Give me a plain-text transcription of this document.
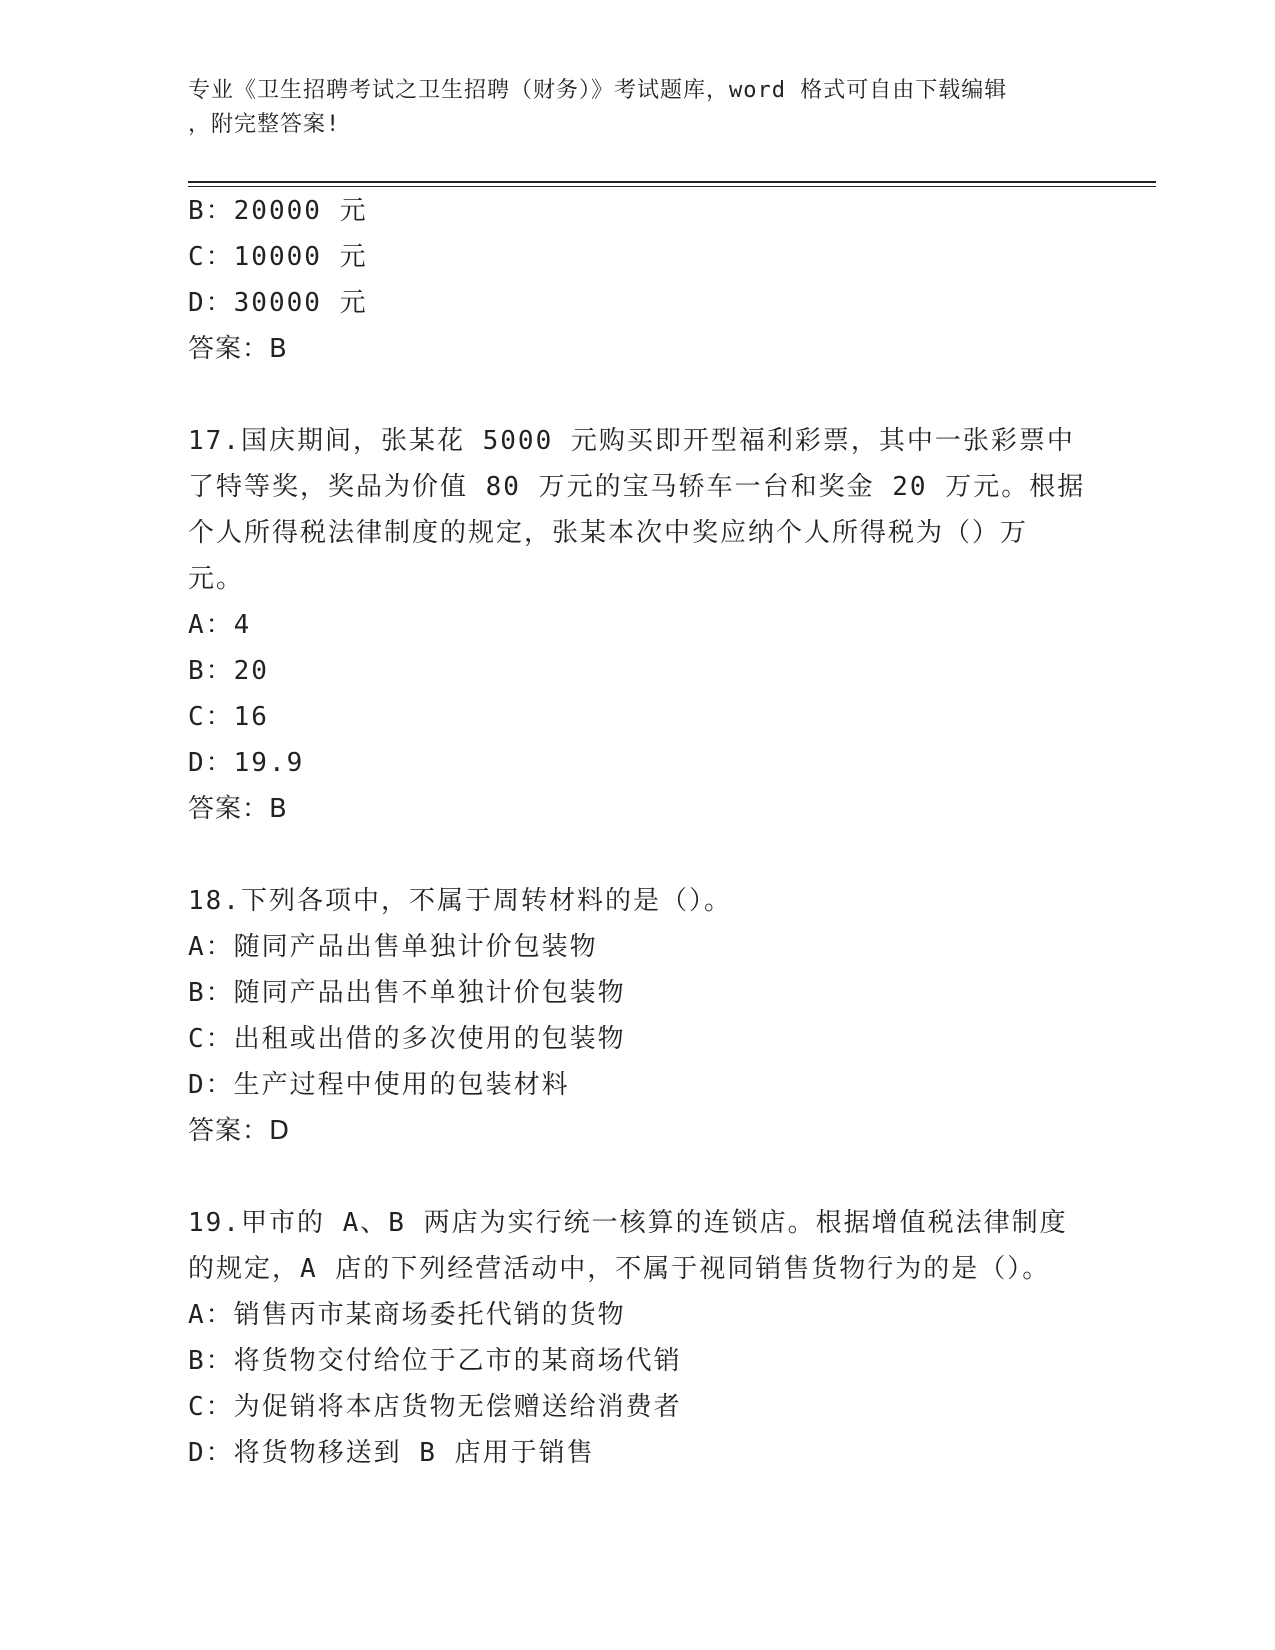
专业《卫生招聘考试之卫生招聘（财务）》考试题库，word 格式可自由下载编辑
，附完整答案!
B：20000 元
C：10000 元
D：30000 元
答案：B
17.国庆期间，张某花 5000 元购买即开型福利彩票，其中一张彩票中
了特等奖，奖品为价值 80 万元的宝马轿车一台和奖金 20 万元。根据
个人所得税法律制度的规定，张某本次中奖应纳个人所得税为（）万
元。
A：4
B：20
C：16
D：19.9
答案：B
18.下列各项中，不属于周转材料的是（）。
A：随同产品出售单独计价包装物
B：随同产品出售不单独计价包装物
C：出租或出借的多次使用的包装物
D：生产过程中使用的包装材料
答案：D
19.甲市的 A、B 两店为实行统一核算的连锁店。根据增值税法律制度
的规定，A 店的下列经营活动中，不属于视同销售货物行为的是（）。
A：销售丙市某商场委托代销的货物
B：将货物交付给位于乙市的某商场代销
C：为促销将本店货物无偿赠送给消费者
D：将货物移送到 B 店用于销售
